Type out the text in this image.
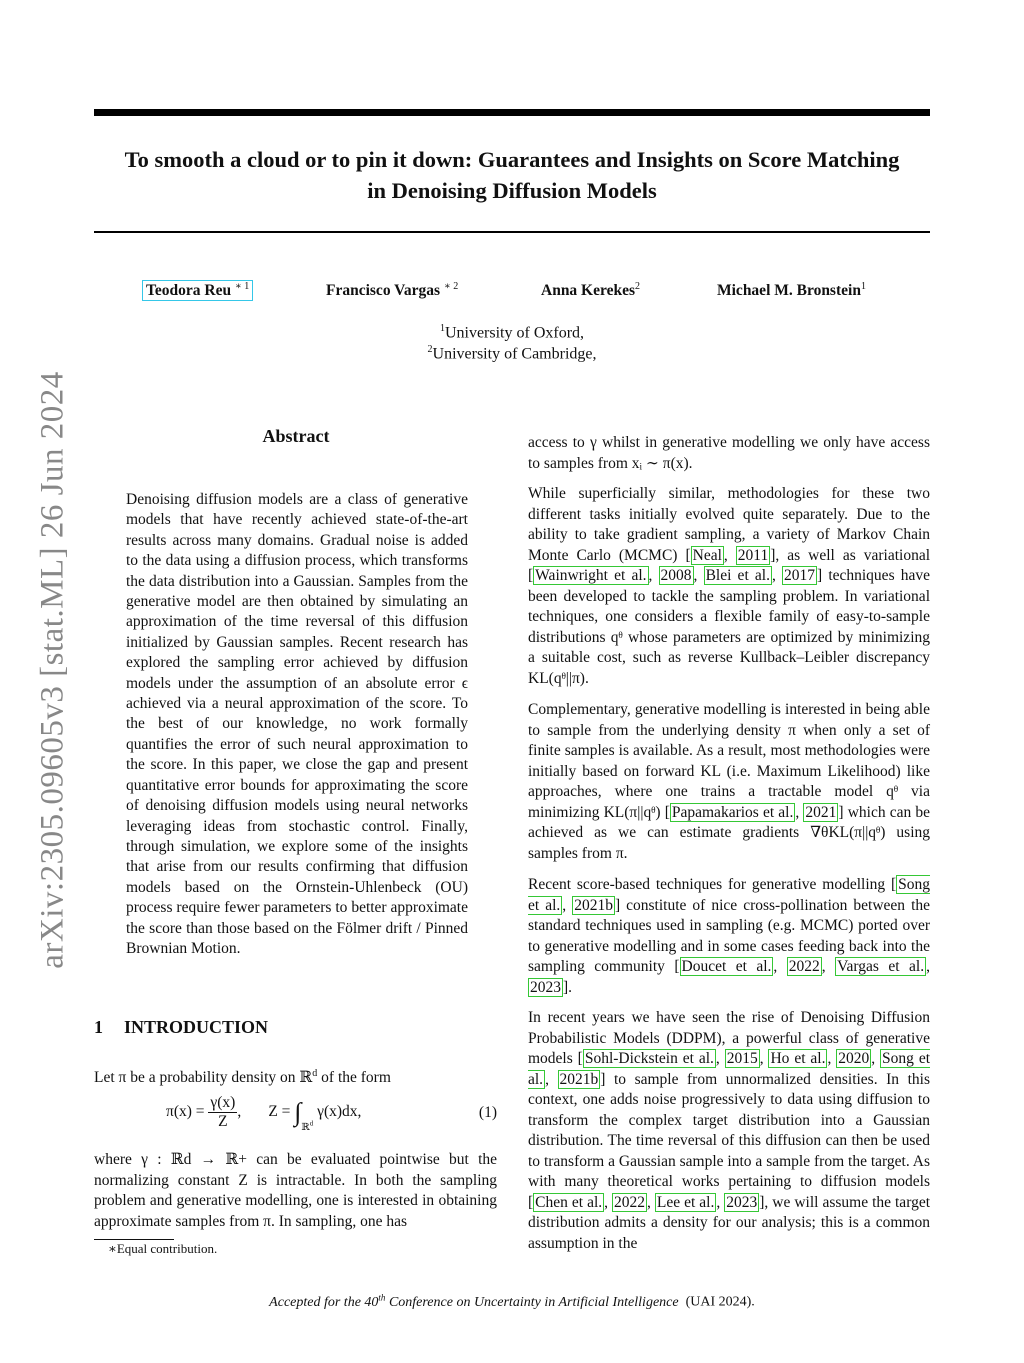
To smooth a cloud or to pin it down: Guarantees and Insights on Score Matching
in Denoising Diffusion Models
Teodora Reu $^{∗ 1}$	Francisco Vargas $^{∗ 2}$	Anna Kerekes$^2$	Michael M. Bronstein$^1$
$^1$University of Oxford,
$^2$University of Cambridge,
arXiv:2305.09605v3 [stat.ML] 26 Jun 2024	Abstract
Denoising diffusion models are a class of generative models that have recently achieved state-of-the-art results across many domains. Gradual noise is added to the data using a diffusion process, which transforms the data distribution into a Gaussian. Samples from the generative model are then obtained by simulating an approximation of the time reversal of this diffusion initialized by Gaussian samples. Recent research has explored the sampling error achieved by diffusion models under the assumption of an absolute error ϵ achieved via a neural approximation of the score. To the best of our knowledge, no work formally quantifies the error of such neural approximation to the score. In this paper, we close the gap and present quantitative error bounds for approximating the score of denoising diffusion models using neural networks leveraging ideas from stochastic control. Finally, through simulation, we explore some of the insights that arise from our results confirming that diffusion models based on the Ornstein-Uhlenbeck (OU) process require fewer parameters to better approximate the score than those based on the Fölmer drift / Pinned Brownian Motion.
1 INTRODUCTION
Let π be a probability density on ℝ$^d$ of the form
$\pi(x) = \frac{\gamma(x)}{Z}$ ,       $Z = \int_{ℝ^d}$ γ(x)dx,	(1)
where γ : ℝd → ℝ+ can be evaluated pointwise but the normalizing constant Z is intractable. In both the sampling problem and generative modelling, one is interested in obtaining approximate samples from π. In sampling, one has
∗Equal contribution.
access to γ whilst in generative modelling we only have access to samples from xᵢ ∼ π(x).
While superficially similar, methodologies for these two different tasks initially evolved quite separately. Due to the ability to take gradient sampling, a variety of Markov Chain Monte Carlo (MCMC) [ Neal , 2011 ], as well as variational [ Wainwright et al. , 2008 , Blei et al. , 2017 ] techniques have been developed to tackle the sampling problem. In variational techniques, one considers a flexible family of easy-to-sample distributions qᶿ whose parameters are optimized by minimizing a suitable cost, such as reverse Kullback–Leibler discrepancy KL(qᶿ||π).
Complementary, generative modelling is interested in being able to sample from the underlying density π when only a set of finite samples is available. As a result, most methodologies were initially based on forward KL (i.e. Maximum Likelihood) like approaches, where one trains a tractable model qᶿ via minimizing KL(π||qᶿ) [ Papamakarios et al. , 2021 ] which can be achieved as we can estimate gradients ∇θKL(π||qᶿ) using samples from π.
Recent score-based techniques for generative modelling [ Song et al. , 2021b ] constitute of nice cross-pollination between the standard techniques used in sampling (e.g. MCMC) ported over to generative modelling and in some cases feeding back into the sampling community [ Doucet et al. , 2022 , Vargas et al. , 2023 ].
In recent years we have seen the rise of Denoising Diffusion Probabilistic Models (DDPM), a powerful class of generative models [ Sohl-Dickstein et al. , 2015 , Ho et al. , 2020 , Song et al. , 2021b ] to sample from unnormalized densities. In this context, one adds noise progressively to data using diffusion to transform the complex target distribution into a Gaussian distribution. The time reversal of this diffusion can then be used to transform a Gaussian sample into a sample from the target. As with many theoretical works pertaining to diffusion models [ Chen et al. , 2022 , Lee et al. , 2023 ], we will assume the target distribution admits a density for our analysis; this is a common assumption in the
Accepted for the 40th Conference on Uncertainty in Artificial Intelligence  (UAI 2024).
